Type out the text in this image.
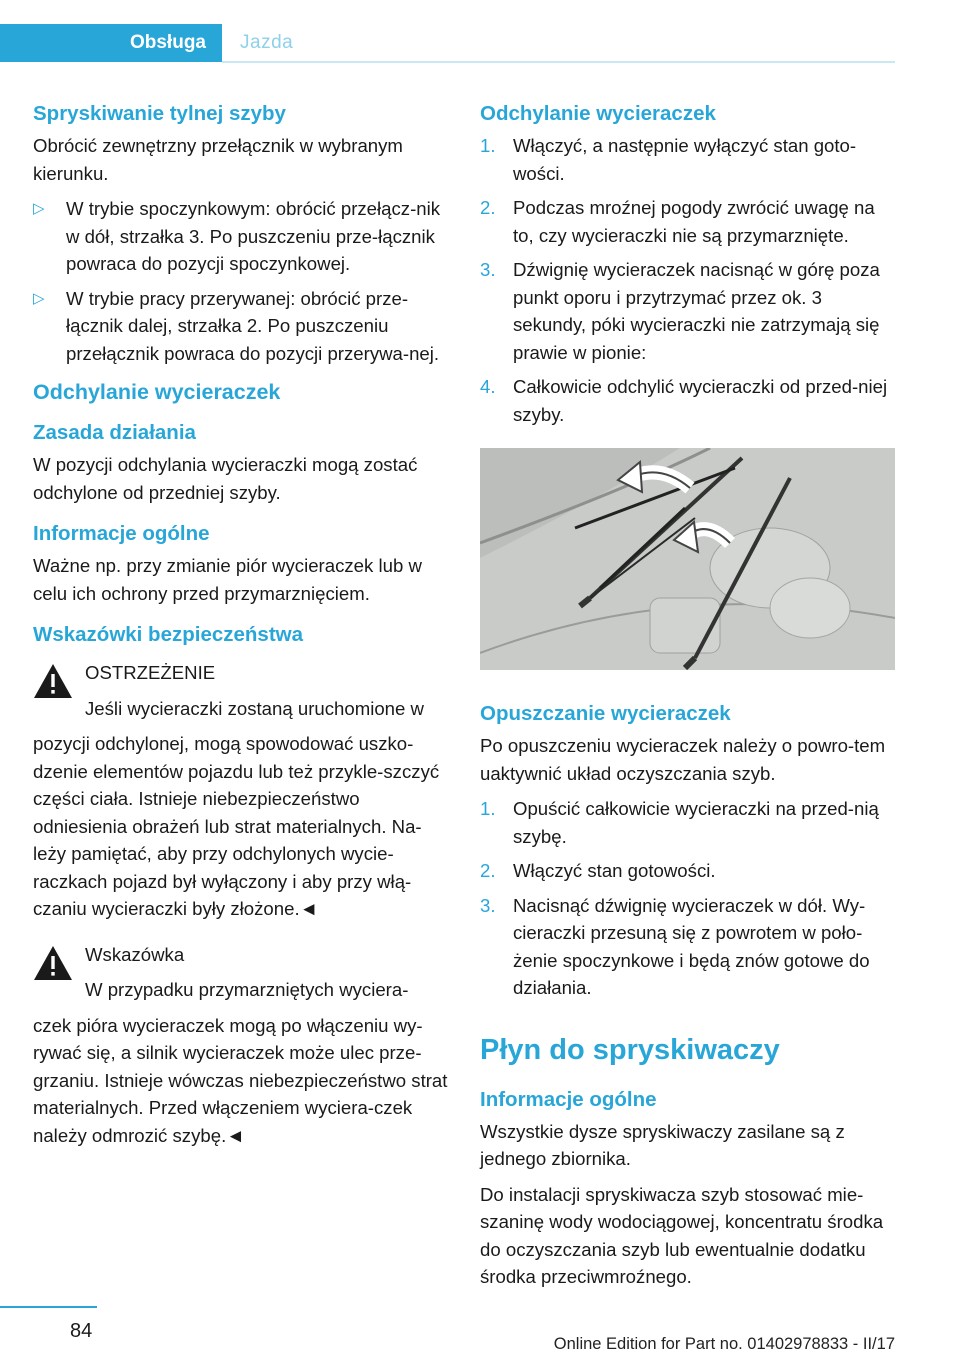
Obsługa	Jazda
Spryskiwanie tylnej szyby

Obrócić zewnętrzny przełącznik w wybranym kierunku.

▷ W trybie spoczynkowym: obrócić przełącz-nik w dół, strzałka 3. Po puszczeniu prze-łącznik powraca do pozycji spoczynkowej.
▷ W trybie pracy przerywanej: obrócić prze-łącznik dalej, strzałka 2. Po puszczeniu przełącznik powraca do pozycji przerywa-nej.
Odchylanie wycieraczek
Zasada działania

W pozycji odchylania wycieraczki mogą zostać odchylone od przedniej szyby.

Informacje ogólne

Ważne np. przy zmianie piór wycieraczek lub w celu ich ochrony przed przymarznięciem.

Wskazówki bezpieczeństwa

OSTRZEŻENIE

Jeśli wycieraczki zostaną uruchomione w

pozycji odchylonej, mogą spowodować uszko-dzenie elementów pojazdu lub też przykle-szczyć części ciała. Istnieje niebezpieczeństwo odniesienia obrażeń lub strat materialnych. Na-leży pamiętać, aby przy odchylonych wycie-raczkach pojazd był wyłączony i aby przy włą-czaniu wycieraczki były złożone.◄

Wskazówka

W przypadku przymarzniętych wyciera-

czek pióra wycieraczek mogą po włączeniu wy-rywać się, a silnik wycieraczek może ulec prze-grzaniu. Istnieje wówczas niebezpieczeństwo strat materialnych. Przed włączeniem wyciera-czek należy odmrozić szybę.◄

Odchylanie wycieraczek
1. Włączyć, a następnie wyłączyć stan goto-wości.
2. Podczas mroźnej pogody zwrócić uwagę na to, czy wycieraczki nie są przymarznięte.
3. Dźwignię wycieraczek nacisnąć w górę poza punkt oporu i przytrzymać przez ok. 3 sekundy, póki wycieraczki nie zatrzymają się prawie w pionie:
4. Całkowicie odchylić wycieraczki od przed-niej szyby.
Opuszczanie wycieraczek

Po opuszczeniu wycieraczek należy o powro-tem uaktywnić układ oczyszczania szyb.

1. Opuścić całkowicie wycieraczki na przed-nią szybę.
2. Włączyć stan gotowości.
3. Nacisnąć dźwignię wycieraczek w dół. Wy-cieraczki przesuną się z powrotem w poło-żenie spoczynkowe i będą znów gotowe do działania.
Płyn do spryskiwaczy
Informacje ogólne

Wszystkie dysze spryskiwaczy zasilane są z jednego zbiornika.

Do instalacji spryskiwacza szyb stosować mie-szaninę wody wodociągowej, koncentratu środka do oczyszczania szyb lub ewentualnie dodatku środka przeciwmroźnego.

84
Online Edition for Part no. 01402978833 - II/17
